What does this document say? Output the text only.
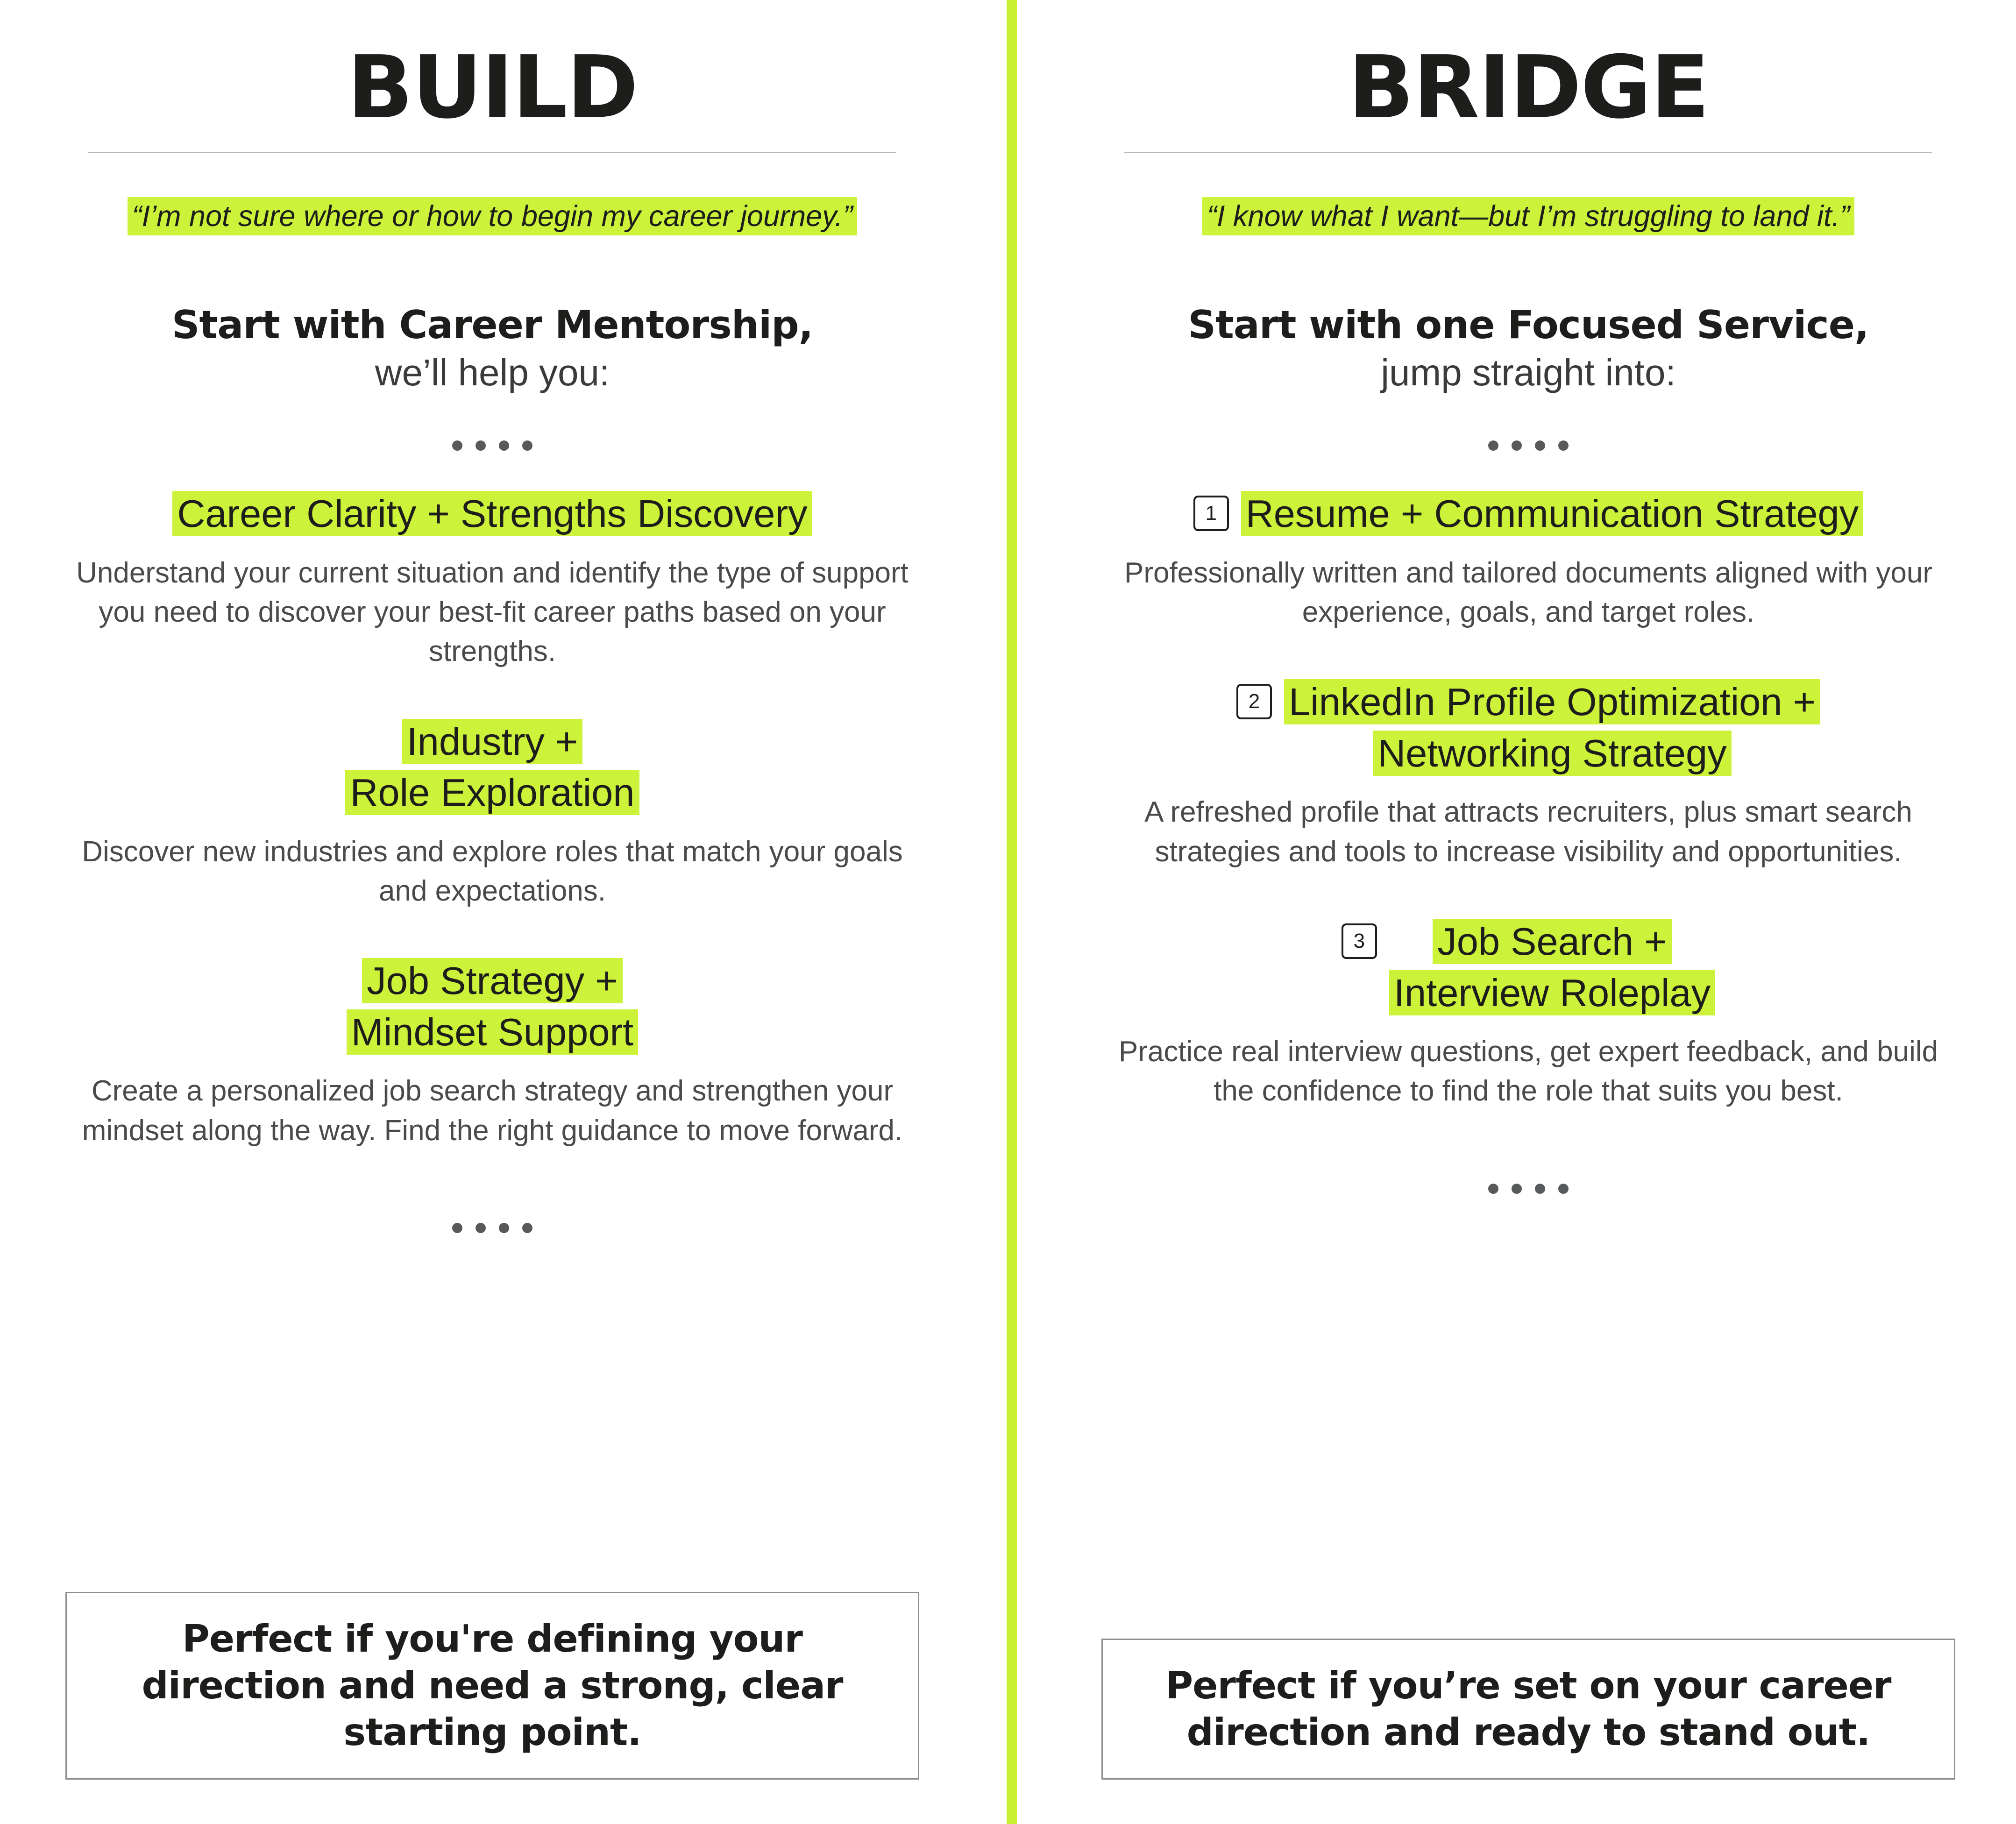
BUILD
“I’m not sure where or how to begin my career journey.”
Start with Career Mentorship,
we’ll help you:
Career Clarity + Strengths Discovery
Understand your current situation and identify the type of support you need to discover your best-fit career paths based on your strengths.
Industry +
Role Exploration
Discover new industries and explore roles that match your goals and expectations.
Job Strategy +
Mindset Support
Create a personalized job search strategy and strengthen your mindset along the way. Find the right guidance to move forward.
Perfect if you're defining your direction and need a strong, clear starting point.
BRIDGE
“I know what I want—but I’m struggling to land it.”
Start with one Focused Service,
jump straight into:
1 Resume + Communication Strategy
Professionally written and tailored documents aligned with your experience, goals, and target roles.
2 LinkedIn Profile Optimization +
Networking Strategy
A refreshed profile that attracts recruiters, plus smart search strategies and tools to increase visibility and opportunities.
3	Job Search +
Interview Roleplay
Practice real interview questions, get expert feedback, and build the confidence to find the role that suits you best.
Perfect if you’re set on your career direction and ready to stand out.
